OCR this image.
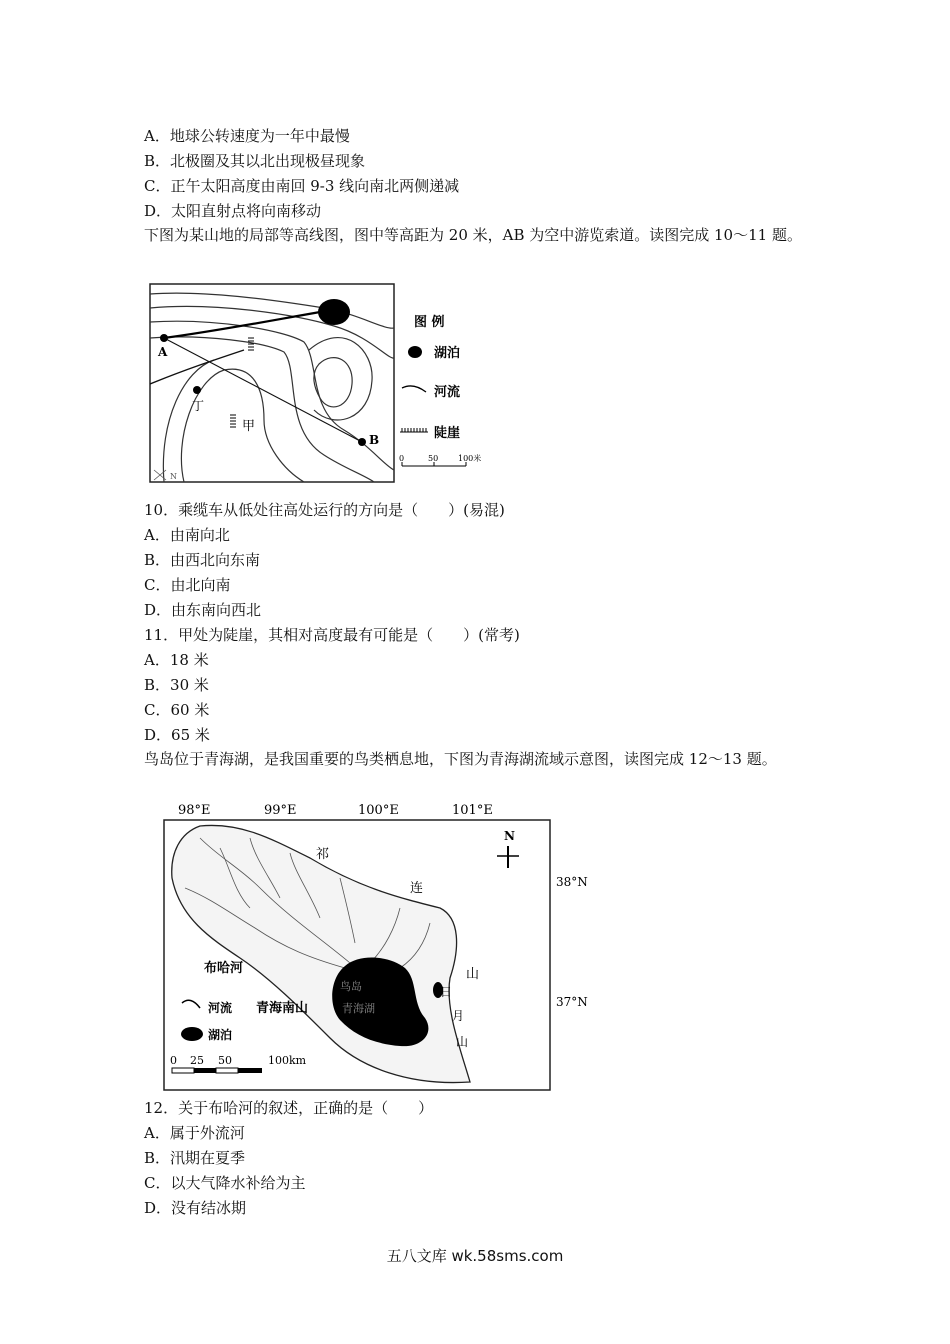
A．地球公转速度为一年中最慢
B．北极圈及其以北出现极昼现象
C．正午太阳高度由南回 9-3 线向南北两侧递减
D．太阳直射点将向南移动
下图为某山地的局部等高线图，图中等高距为 20 米，AB 为空中游览索道。读图完成 10～11 题。
A
B
丁
甲
N
图 例
湖泊
河流
陡崖
0	50 100米
10．乘缆车从低处往高处运行的方向是（　　）(易混)
A．由南向北
B．由西北向东南
C．由北向南
D．由东南向西北
11．甲处为陡崖，其相对高度最有可能是（　　）(常考)
A．18 米
B．30 米
C．60 米
D．65 米
鸟岛位于青海湖，是我国重要的鸟类栖息地，下图为青海湖流域示意图，读图完成 12～13 题。
98°E	99°E	100°E	101°E
38°N
37°N
鸟岛
青海湖
祁
连
山
布哈河
青海南山
日
月
山
N
河流
湖泊
0 25 50	100km
12．关于布哈河的叙述，正确的是（　　）
A．属于外流河
B．汛期在夏季
C．以大气降水补给为主
D．没有结冰期
五八文库 wk.58sms.com
